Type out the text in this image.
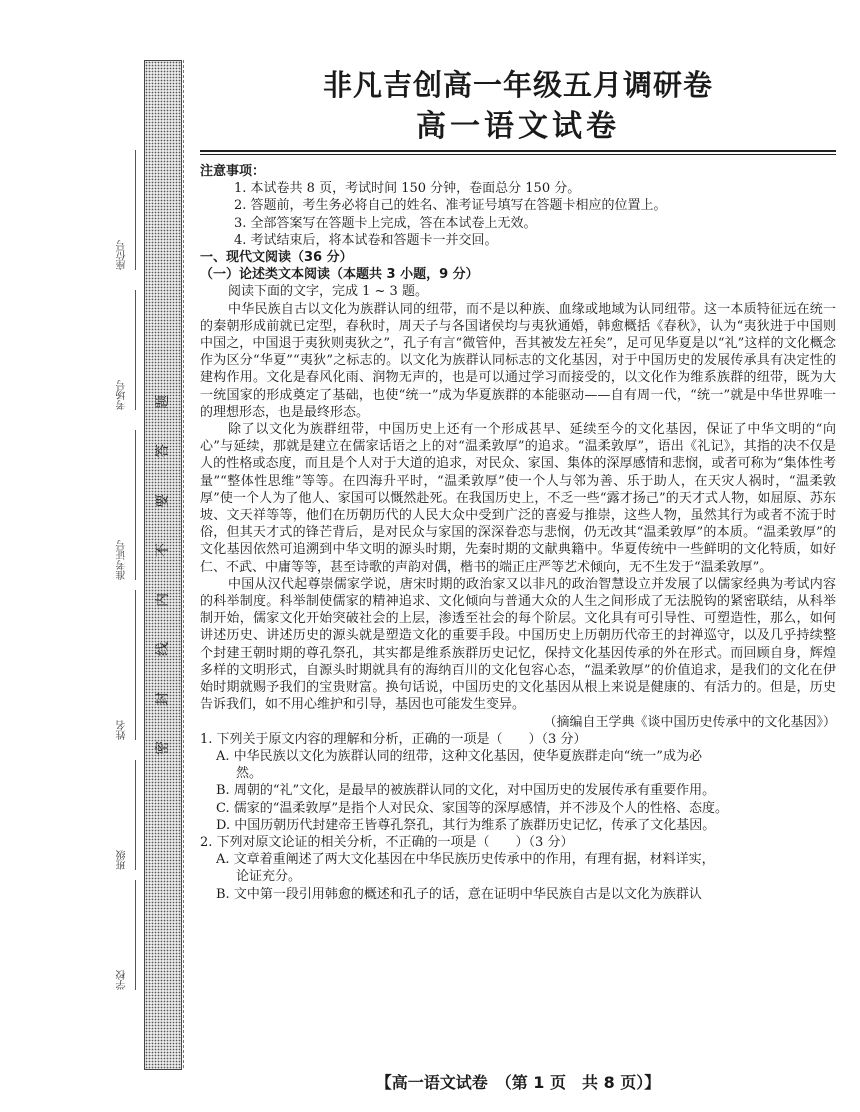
学校
班级
姓名
准考证号
考场号
座位号
题
答
要
不
内
线
封
密
非凡吉创高一年级五月调研卷
高一语文试卷
注意事项：
1. 本试卷共 8 页，考试时间 150 分钟，卷面总分 150 分。
2. 答题前，考生务必将自己的姓名、准考证号填写在答题卡相应的位置上。
3. 全部答案写在答题卡上完成，答在本试卷上无效。
4. 考试结束后，将本试卷和答题卡一并交回。
一、现代文阅读（36 分）
（一）论述类文本阅读（本题共 3 小题，9 分）
阅读下面的文字，完成 1 ~ 3 题。

中华民族自古以文化为族群认同的纽带，而不是以种族、血缘或地域为认同纽带。这一本质特征远在统一的秦朝形成前就已定型，春秋时，周天子与各国诸侯均与夷狄通婚，韩愈概括《春秋》，认为“夷狄进于中国则中国之，中国退于夷狄则夷狄之”，孔子有言“微管仲，吾其被发左衽矣”，足可见华夏是以“礼”这样的文化概念作为区分“华夏”“夷狄”之标志的。以文化为族群认同标志的文化基因，对于中国历史的发展传承具有决定性的建构作用。文化是春风化雨、润物无声的，也是可以通过学习而接受的，以文化作为维系族群的纽带，既为大一统国家的形成奠定了基础，也使“统一”成为华夏族群的本能驱动——自有周一代，“统一”就是中华世界唯一的理想形态，也是最终形态。

除了以文化为族群纽带，中国历史上还有一个形成甚早、延续至今的文化基因，保证了中华文明的“向心”与延续，那就是建立在儒家话语之上的对“温柔敦厚”的追求。“温柔敦厚”，语出《礼记》，其指的决不仅是人的性格或态度，而且是个人对于大道的追求，对民众、家国、集体的深厚感情和悲悯，或者可称为“集体性考量”“整体性思维”等等。在四海升平时，“温柔敦厚”使一个人与邻为善、乐于助人，在天灾人祸时，“温柔敦厚”使一个人为了他人、家国可以慨然赴死。在我国历史上，不乏一些“露才扬己”的天才式人物，如屈原、苏东坡、文天祥等等，他们在历朝历代的人民大众中受到广泛的喜爱与推崇，这些人物，虽然其行为或者不流于时俗，但其天才式的锋芒背后，是对民众与家国的深深眷恋与悲悯，仍无改其“温柔敦厚”的本质。“温柔敦厚”的文化基因依然可追溯到中华文明的源头时期，先秦时期的文献典籍中。华夏传统中一些鲜明的文化特质，如好仁、不武、中庸等等，甚至诗歌的声韵对偶，楷书的端正庄严等艺术倾向，无不生发于“温柔敦厚”。

中国从汉代起尊崇儒家学说，唐宋时期的政治家又以非凡的政治智慧设立并发展了以儒家经典为考试内容的科举制度。科举制使儒家的精神追求、文化倾向与普通大众的人生之间形成了无法脱钩的紧密联结，从科举制开始，儒家文化开始突破社会的上层，渗透至社会的每个阶层。文化具有可引导性、可塑造性，那么，如何讲述历史、讲述历史的源头就是塑造文化的重要手段。中国历史上历朝历代帝王的封禅巡守，以及几乎持续整个封建王朝时期的尊孔祭孔，其实都是维系族群历史记忆，保持文化基因传承的外在形式。而回顾自身，辉煌多样的文明形式，自源头时期就具有的海纳百川的文化包容心态，“温柔敦厚”的价值追求，是我们的文化在伊始时期就赐予我们的宝贵财富。换句话说，中国历史的文化基因从根上来说是健康的、有活力的。但是，历史告诉我们，如不用心维护和引导，基因也可能发生变异。

（摘编自王学典《谈中国历史传承中的文化基因》）
1. 下列关于原文内容的理解和分析，正确的一项是（　　）（3 分）
A. 中华民族以文化为族群认同的纽带，这种文化基因，使华夏族群走向“统一”成为必
然。
B. 周朝的“礼”文化，是最早的被族群认同的文化，对中国历史的发展传承有重要作用。
C. 儒家的“温柔敦厚”是指个人对民众、家国等的深厚感情，并不涉及个人的性格、态度。
D. 中国历朝历代封建帝王皆尊孔祭孔，其行为维系了族群历史记忆，传承了文化基因。
2. 下列对原文论证的相关分析，不正确的一项是（　　）（3 分）
A. 文章着重阐述了两大文化基因在中华民族历史传承中的作用，有理有据，材料详实，
论证充分。
B. 文中第一段引用韩愈的概述和孔子的话，意在证明中华民族自古是以文化为族群认
【高一语文试卷　（第 1 页　共 8 页）】
